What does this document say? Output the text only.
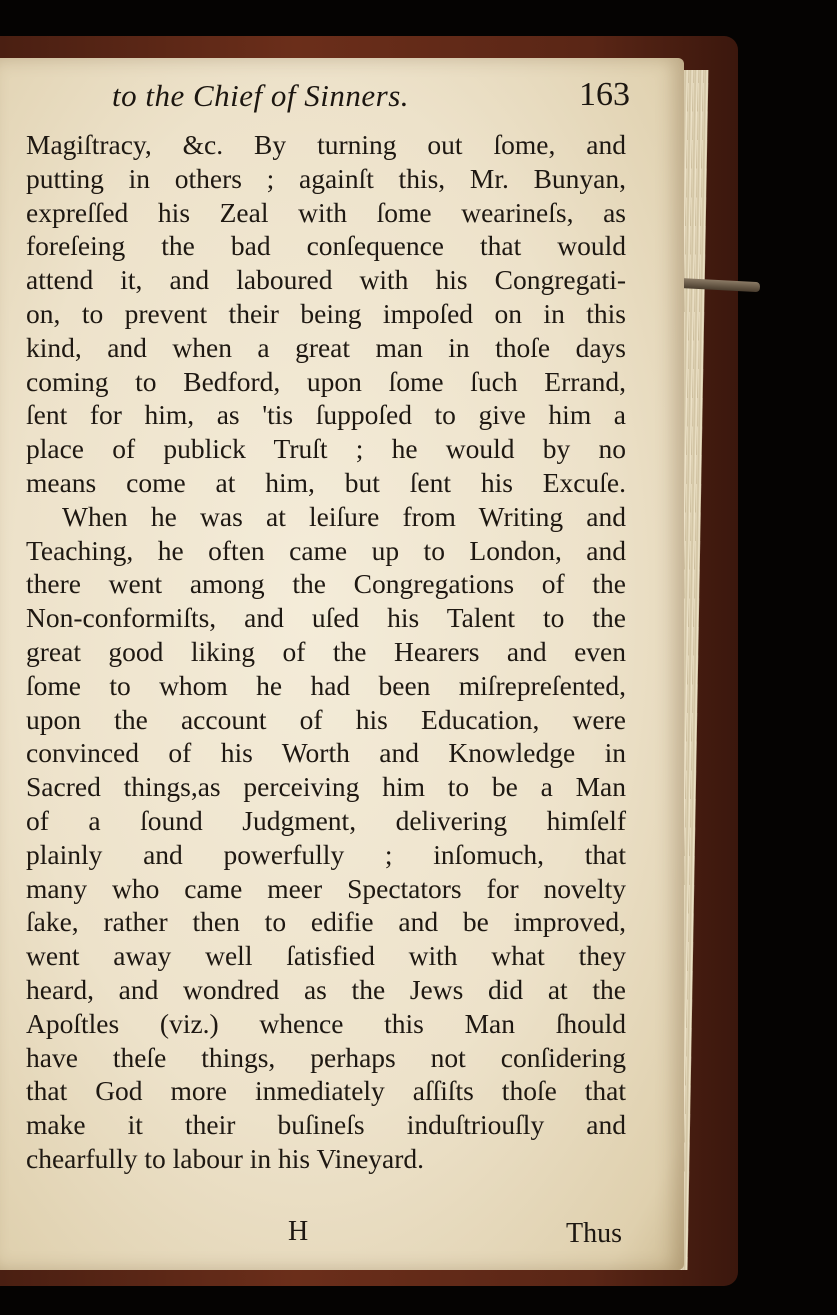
to the Chief of Sinners.	163
Magiſtracy, &c. By turning out ſome, and
putting in others ; againſt this, Mr. Bunyan,
expreſſed his Zeal with ſome wearineſs, as
foreſeing the bad conſequence that would
attend it, and laboured with his Congregati-
on, to prevent their being impoſed on in this
kind, and when a great man in thoſe days
coming to Bedford, upon ſome ſuch Errand,
ſent for him, as 'tis ſuppoſed to give him a
place of publick Truſt ; he would by no
means come at him, but ſent his Excuſe.
When he was at leiſure from Writing and
Teaching, he often came up to London, and
there went among the Congregations of the
Non-conformiſts, and uſed his Talent to the
great good liking of the Hearers and even
ſome to whom he had been miſrepreſented,
upon the account of his Education, were
convinced of his Worth and Knowledge in
Sacred things,as perceiving him to be a Man
of a ſound Judgment, delivering himſelf
plainly and powerfully ; inſomuch, that
many who came meer Spectators for novelty
ſake, rather then to edifie and be improved,
went away well ſatisfied with what they
heard, and wondred as the Jews did at the
Apoſtles (viz.) whence this Man ſhould
have theſe things, perhaps not conſidering
that God more inmediately aſſiſts thoſe that
make it their buſineſs induſtriouſly and
chearfully to labour in his Vineyard.
H	Thus
